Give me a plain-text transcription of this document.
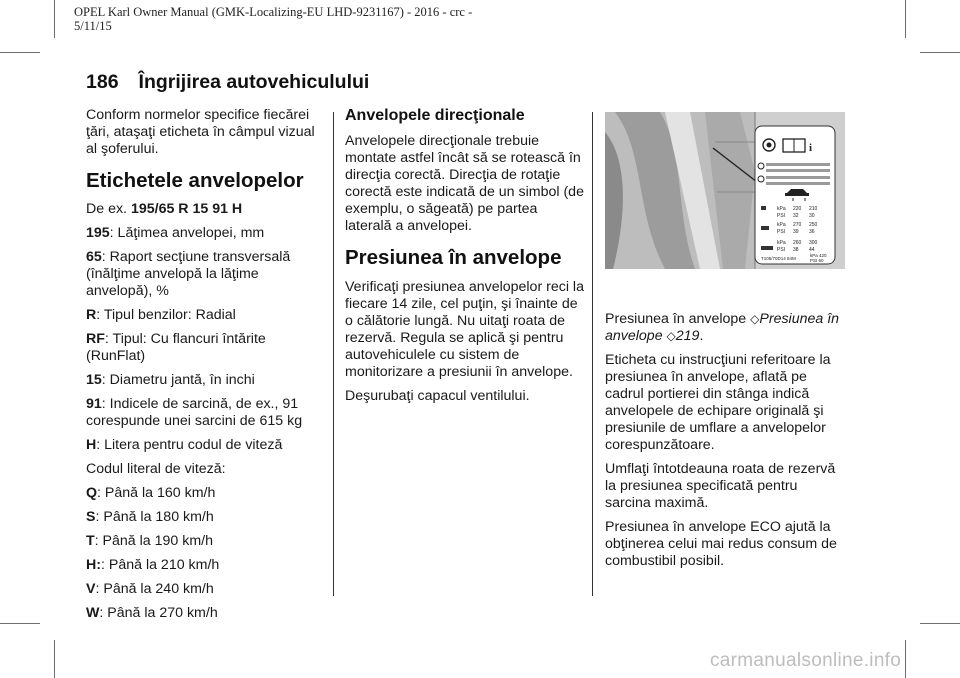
OPEL Karl Owner Manual (GMK-Localizing-EU LHD-9231167) - 2016 - crc -
5/11/15
186 Îngrijirea autovehiculului

Conform normelor specifice fiecărei ţări, ataşaţi eticheta în câmpul vizual al şoferului.

Etichetele anvelopelor

De ex. 195/65 R 15 91 H

195: Lăţimea anvelopei, mm

65: Raport secţiune transversală (înălţime anvelopă la lăţime anvelopă), %

R: Tipul benzilor: Radial

RF: Tipul: Cu flancuri întărite (RunFlat)

15: Diametru jantă, în inchi

91: Indicele de sarcină, de ex., 91 corespunde unei sarcini de 615 kg

H: Litera pentru codul de viteză

Codul literal de viteză:

Q: Până la 160 km/h

S: Până la 180 km/h

T: Până la 190 km/h

H:: Până la 210 km/h

V: Până la 240 km/h

W: Până la 270 km/h

Anvelopele direcţionale

Anvelopele direcţionale trebuie montate astfel încât să se rotească în direcţia corectă. Direcţia de rotaţie corectă este indicată de un simbol (de exemplu, o săgeată) pe partea laterală a anvelopei.

Presiunea în anvelope

Verificaţi presiunea anvelopelor reci la fiecare 14 zile, cel puţin, şi înainte de o călătorie lungă. Nu uitaţi roata de rezervă. Regula se aplică şi pentru autovehiculele cu sistem de monitorizare a presiunii în anvelope.

Deşurubaţi capacul ventilului.

i
kPa 220 210
PSI 32 30
kPa 270 250
PSI 39 36
kPa 260 300
PSI 38 44
T105/70D14 84M
kPa 420
PSI 60

Presiunea în anvelope ◇Presiunea în anvelope ◇219.

Eticheta cu instrucţiuni referitoare la presiunea în anvelope, aflată pe cadrul portierei din stânga indică anvelopele de echipare originală şi presiunile de umflare a anvelopelor corespunzătoare.

Umflaţi întotdeauna roata de rezervă la presiunea specificată pentru sarcina maximă.

Presiunea în anvelope ECO ajută la obţinerea celui mai redus consum de combustibil posibil.

carmanualsonline.info
